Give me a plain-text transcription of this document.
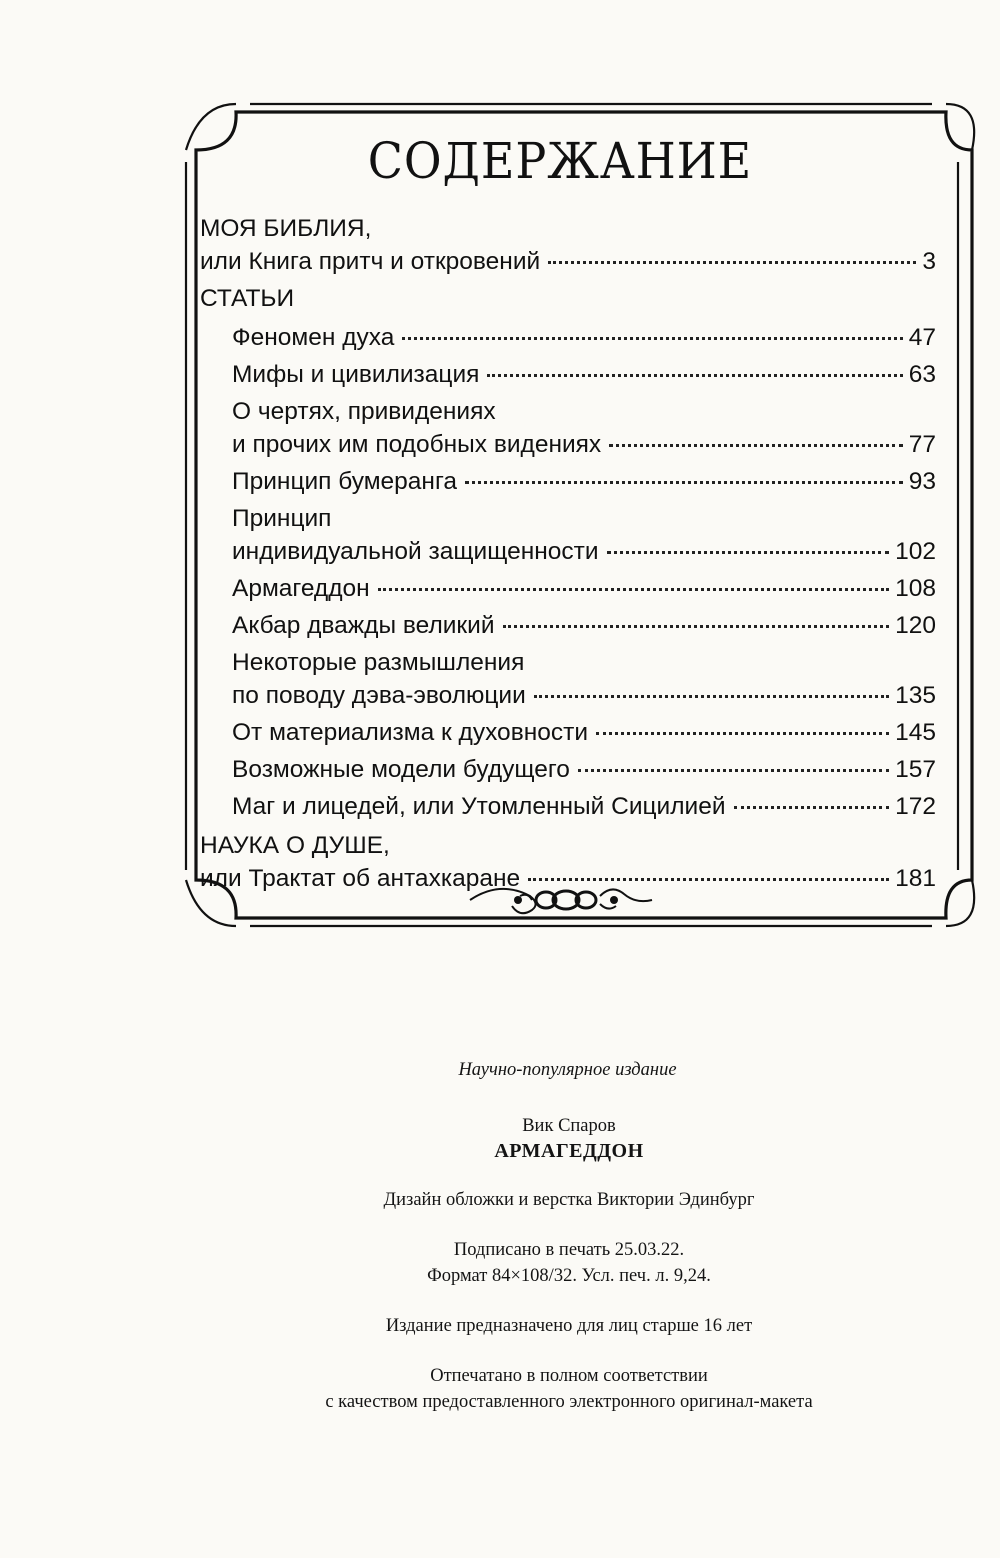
СОДЕРЖАНИЕ
МОЯ БИБЛИЯ,
или Книга притч и откровений	3
СТАТЬИ
Феномен духа	47
Мифы и цивилизация	63
О чертях, привидениях
и прочих им подобных видениях	77
Принцип бумеранга	93
Принцип
индивидуальной защищенности	102
Армагеддон	108
Акбар дважды великий	120
Некоторые размышления
по поводу дэва-эволюции	135
От материализма к духовности	145
Возможные модели будущего	157
Маг и лицедей, или Утомленный Сицилией	172
НАУКА О ДУШЕ,
или Трактат об антахкаране	181
Научно-популярное издание
Вик Спаров
АРМАГЕДДОН
Дизайн обложки и верстка Виктории Эдинбург
Подписано в печать 25.03.22.
Формат 84×108/32. Усл. печ. л. 9,24.
Издание предназначено для лиц старше 16 лет
Отпечатано в полном соответствии
с качеством предоставленного электронного оригинал-макета
